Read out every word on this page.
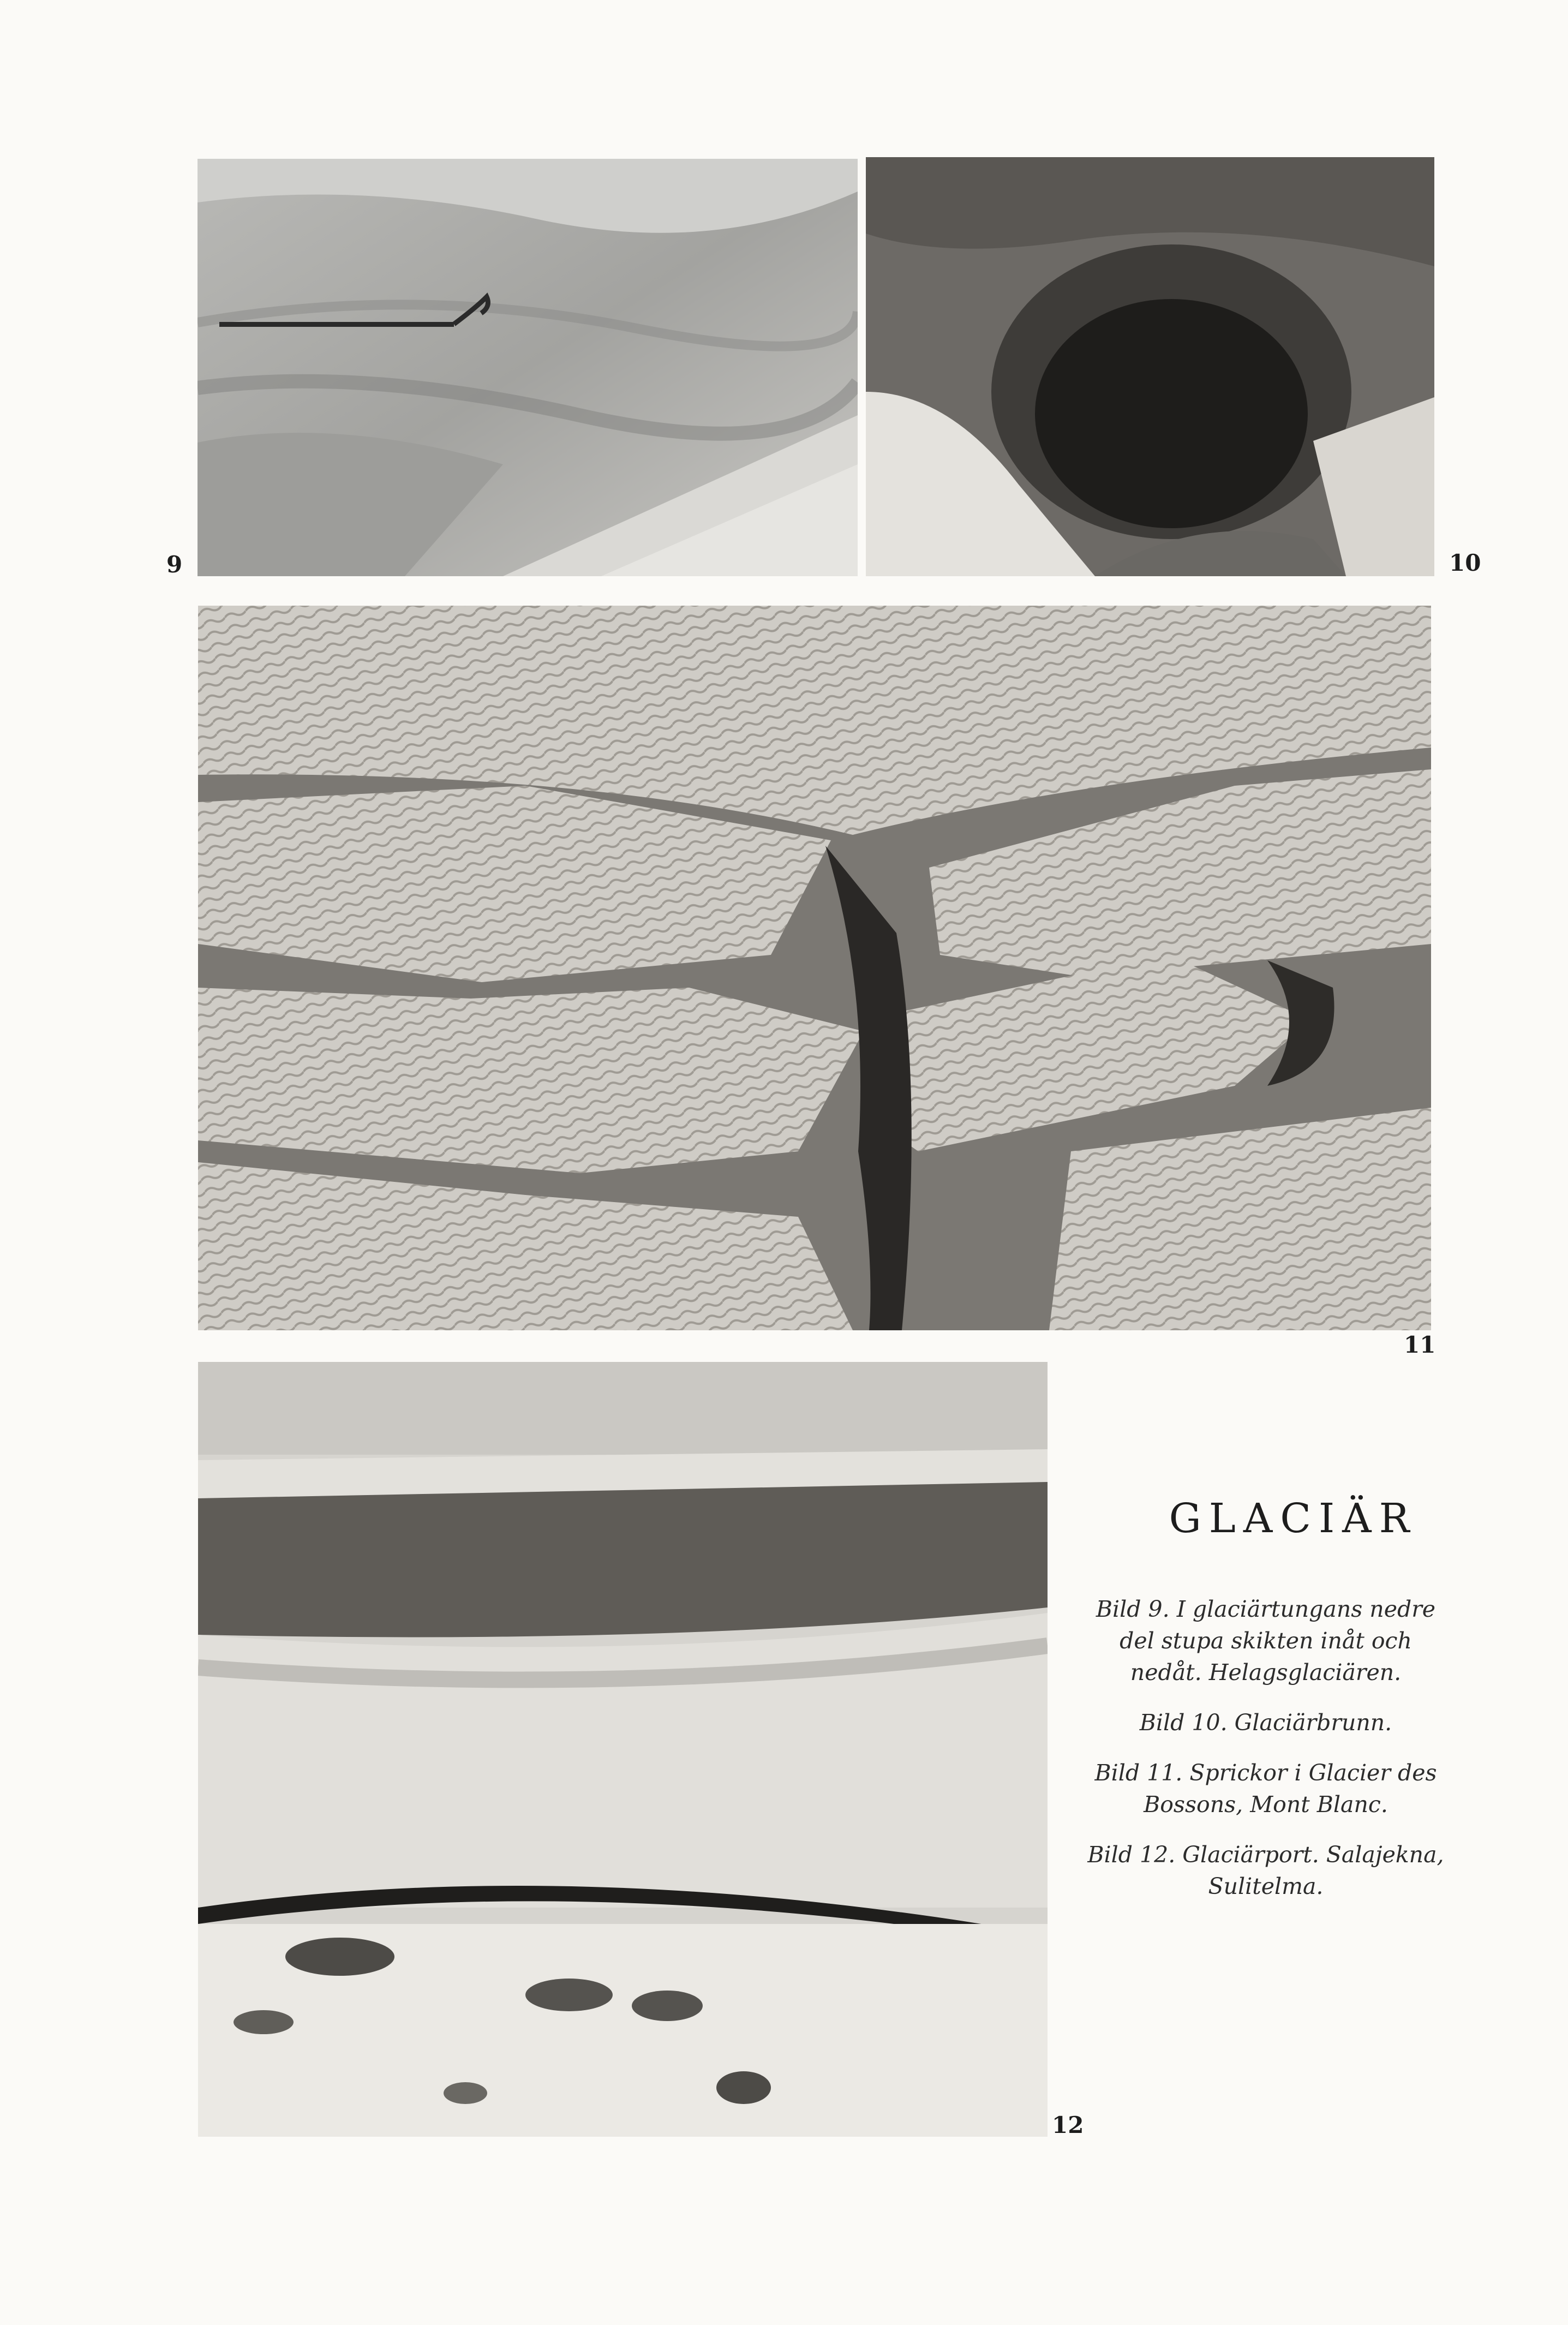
9	10
11
12
GLACIÄR

Bild 9. I glaciärtungans nedre del stupa skikten inåt och nedåt. Helagsglaciären.

Bild 10. Glaciärbrunn.

Bild 11. Sprickor i Glacier des Bossons, Mont Blanc.

Bild 12. Glaciärport. Salajekna, Sulitelma.
